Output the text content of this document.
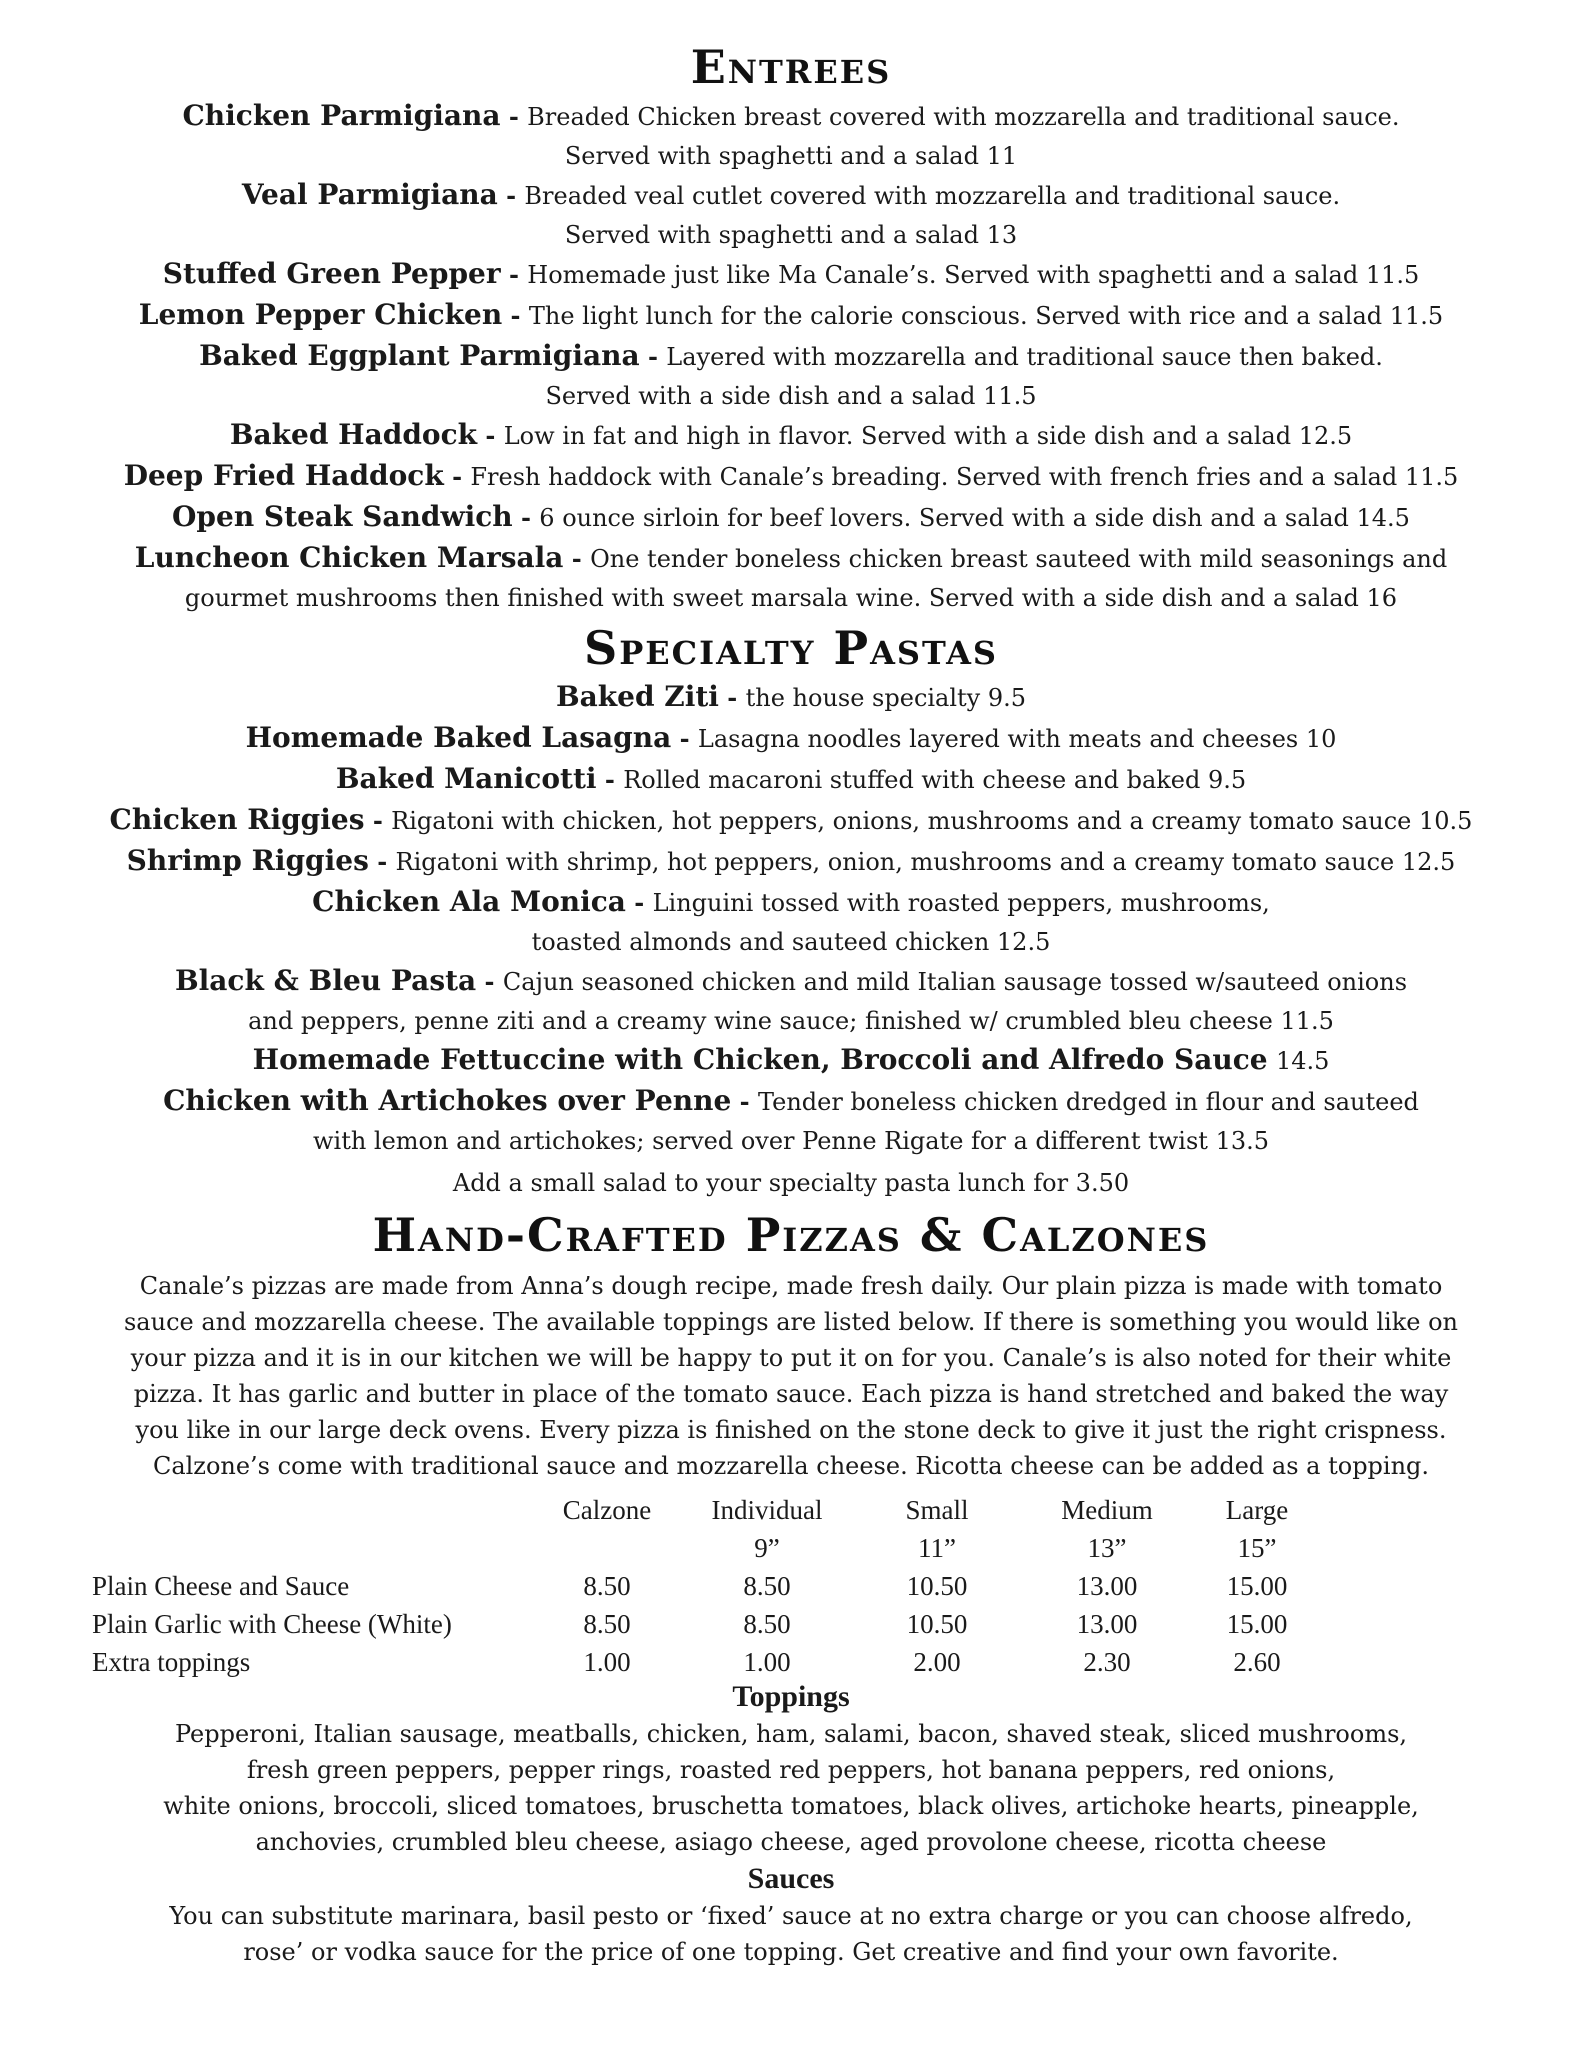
Entrees

Chicken Parmigiana - Breaded Chicken breast covered with mozzarella and traditional sauce.

Served with spaghetti and a salad 11

Veal Parmigiana - Breaded veal cutlet covered with mozzarella and traditional sauce.

Served with spaghetti and a salad 13

Stuffed Green Pepper - Homemade just like Ma Canale’s. Served with spaghetti and a salad 11.5

Lemon Pepper Chicken - The light lunch for the calorie conscious. Served with rice and a salad 11.5

Baked Eggplant Parmigiana - Layered with mozzarella and traditional sauce then baked.

Served with a side dish and a salad 11.5

Baked Haddock - Low in fat and high in flavor. Served with a side dish and a salad 12.5

Deep Fried Haddock - Fresh haddock with Canale’s breading. Served with french fries and a salad 11.5

Open Steak Sandwich - 6 ounce sirloin for beef lovers. Served with a side dish and a salad 14.5

Luncheon Chicken Marsala - One tender boneless chicken breast sauteed with mild seasonings and

gourmet mushrooms then finished with sweet marsala wine. Served with a side dish and a salad 16

Specialty Pastas

Baked Ziti - the house specialty 9.5

Homemade Baked Lasagna - Lasagna noodles layered with meats and cheeses 10

Baked Manicotti - Rolled macaroni stuffed with cheese and baked 9.5

Chicken Riggies - Rigatoni with chicken, hot peppers, onions, mushrooms and a creamy tomato sauce 10.5

Shrimp Riggies - Rigatoni with shrimp, hot peppers, onion, mushrooms and a creamy tomato sauce 12.5

Chicken Ala Monica - Linguini tossed with roasted peppers, mushrooms,

toasted almonds and sauteed chicken 12.5

Black & Bleu Pasta - Cajun seasoned chicken and mild Italian sausage tossed w/sauteed onions

and peppers, penne ziti and a creamy wine sauce; finished w/ crumbled bleu cheese 11.5

Homemade Fettuccine with Chicken, Broccoli and Alfredo Sauce 14.5

Chicken with Artichokes over Penne - Tender boneless chicken dredged in flour and sauteed

with lemon and artichokes; served over Penne Rigate for a different twist 13.5

Add a small salad to your specialty pasta lunch for 3.50

Hand-Crafted Pizzas & Calzones
Canale’s pizzas are made from Anna’s dough recipe, made fresh daily. Our plain pizza is made with tomato
sauce and mozzarella cheese. The available toppings are listed below. If there is something you would like on
your pizza and it is in our kitchen we will be happy to put it on for you. Canale’s is also noted for their white
pizza. It has garlic and butter in place of the tomato sauce. Each pizza is hand stretched and baked the way
you like in our large deck ovens. Every pizza is finished on the stone deck to give it just the right crispness.
Calzone’s come with traditional sauce and mozzarella cheese. Ricotta cheese can be added as a topping.
	Calzone	Individual	Small	Medium	Large
		9”	11”	13”	15”
Plain Cheese and Sauce	8.50	8.50	10.50	13.00	15.00
Plain Garlic with Cheese (White)	8.50	8.50	10.50	13.00	15.00
Extra toppings	1.00	1.00	2.00	2.30	2.60
Toppings
Pepperoni, Italian sausage, meatballs, chicken, ham, salami, bacon, shaved steak, sliced mushrooms,
fresh green peppers, pepper rings, roasted red peppers, hot banana peppers, red onions,
white onions, broccoli, sliced tomatoes, bruschetta tomatoes, black olives, artichoke hearts, pineapple,
anchovies, crumbled bleu cheese, asiago cheese, aged provolone cheese, ricotta cheese
Sauces
You can substitute marinara, basil pesto or ‘fixed’ sauce at no extra charge or you can choose alfredo,
rose’ or vodka sauce for the price of one topping. Get creative and find your own favorite.
